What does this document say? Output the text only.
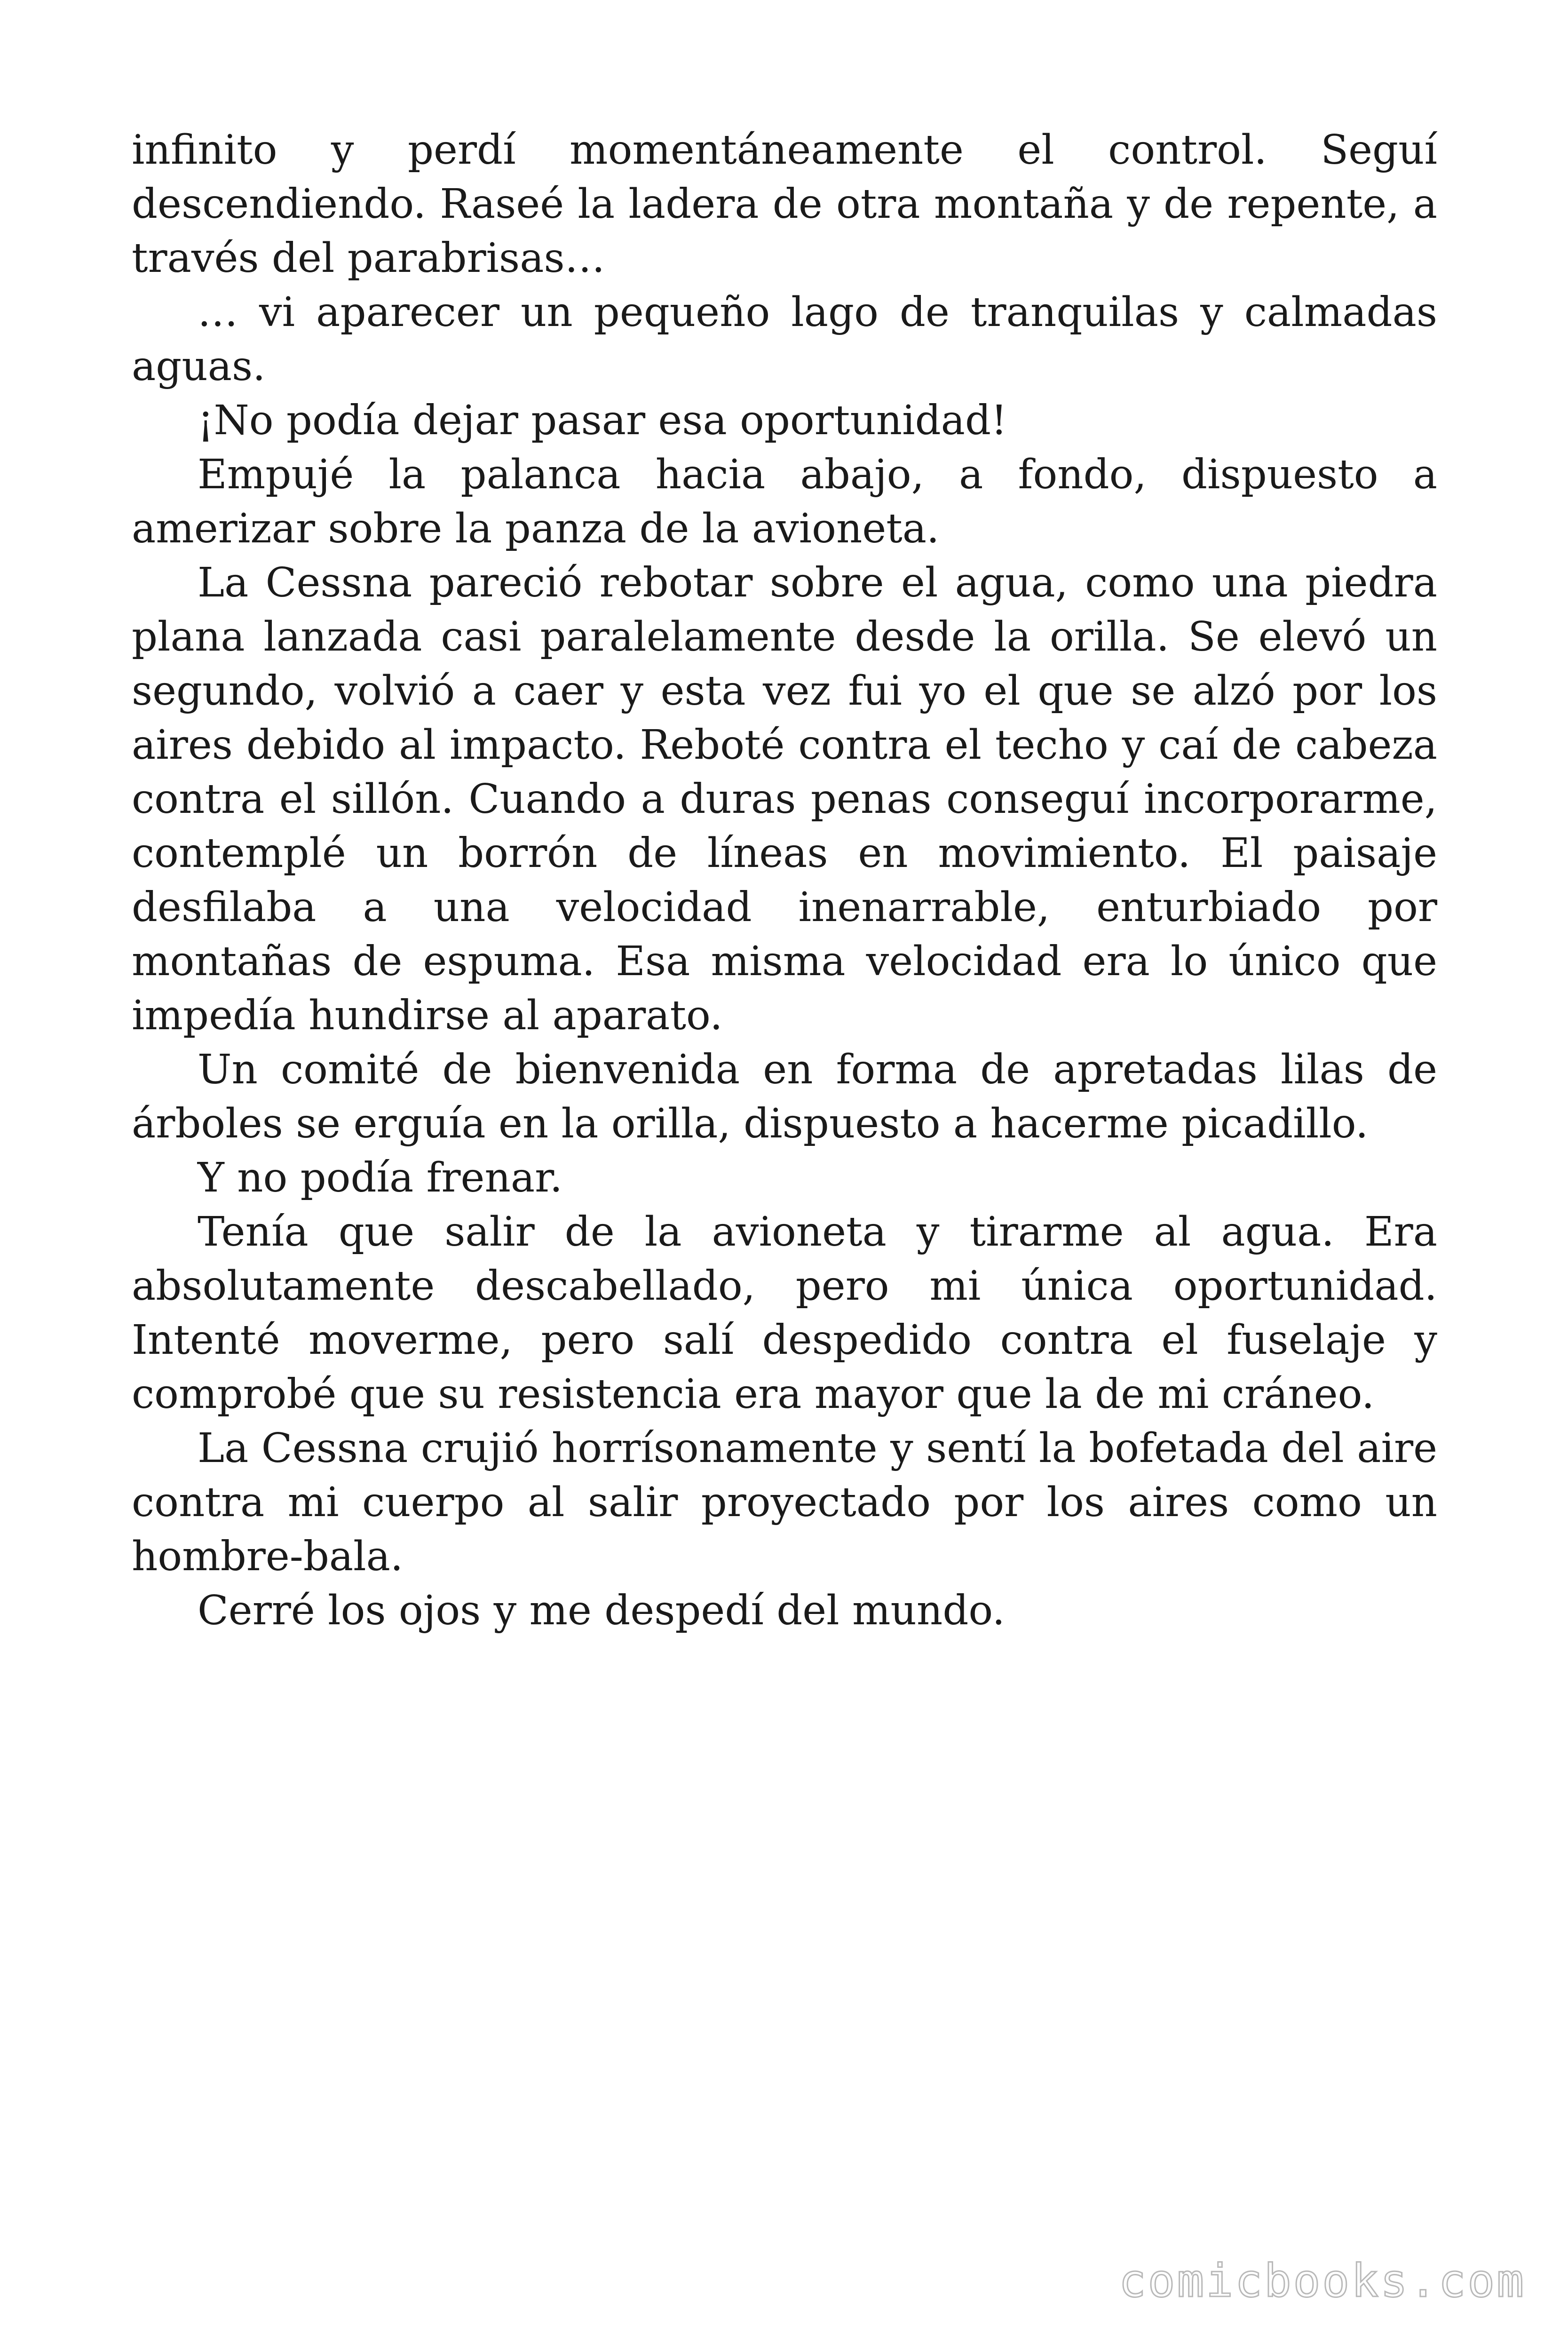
infinito y perdí momentáneamente el control. Seguí descendiendo. Raseé la ladera de otra montaña y de repente, a través del parabrisas…

… vi aparecer un pequeño lago de tranquilas y calmadas aguas.

¡No podía dejar pasar esa oportunidad!

Empujé la palanca hacia abajo, a fondo, dispuesto a amerizar sobre la panza de la avioneta.

La Cessna pareció rebotar sobre el agua, como una piedra plana lanzada casi paralelamente desde la orilla. Se elevó un segundo, volvió a caer y esta vez fui yo el que se alzó por los aires debido al impacto. Reboté contra el techo y caí de cabeza contra el sillón. Cuando a duras penas conseguí incorporarme, contemplé un borrón de líneas en movimiento. El paisaje desfilaba a una velocidad inenarrable, enturbiado por montañas de espuma. Esa misma velocidad era lo único que impedía hundirse al aparato.

Un comité de bienvenida en forma de apretadas lilas de árboles se erguía en la orilla, dispuesto a hacerme picadillo.

Y no podía frenar.

Tenía que salir de la avioneta y tirarme al agua. Era absolutamente descabellado, pero mi única oportunidad. Intenté moverme, pero salí despedido contra el fuselaje y comprobé que su resistencia era mayor que la de mi cráneo.

La Cessna crujió horrísonamente y sentí la bofetada del aire contra mi cuerpo al salir proyectado por los aires como un hombre-bala.

Cerré los ojos y me despedí del mundo.

comicbooks.com
